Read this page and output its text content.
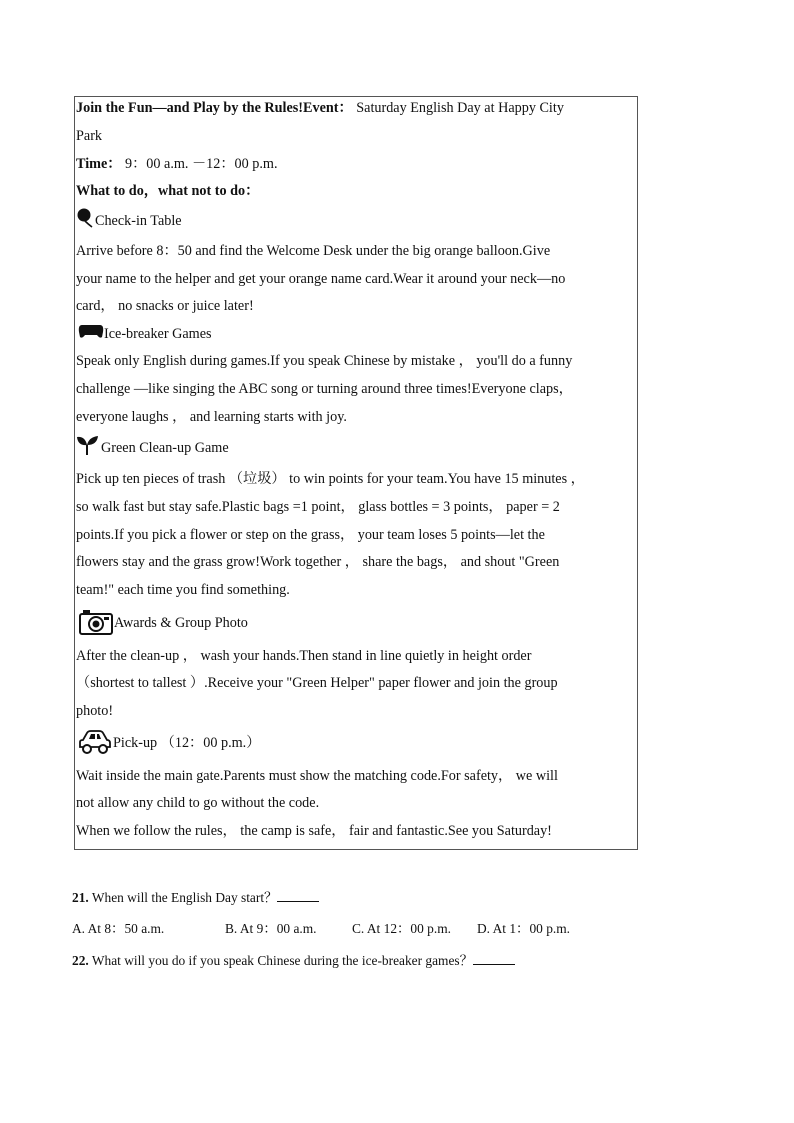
Join the Fun—and Play by the Rules!Event： Saturday English Day at Happy City
Park
Time： 9：00 a.m. －12：00 p.m.
What to do，what not to do：
Check-in Table
Arrive before 8：50 and find the Welcome Desk under the big orange balloon.Give
your name to the helper and get your orange name card.Wear it around your neck—no
card， no snacks or juice later!
Ice-breaker Games
Speak only English during games.If you speak Chinese by mistake ， you'll do a funny
challenge —like singing the ABC song or turning around three times!Everyone claps，
everyone laughs ， and learning starts with joy.
Green Clean-up Game
Pick up ten pieces of trash （垃圾） to win points for your team.You have 15 minutes ，
so walk fast but stay safe.Plastic bags =1 point， glass bottles = 3 points， paper = 2
points.If you pick a flower or step on the grass， your team loses 5 points—let the
flowers stay and the grass grow!Work together ， share the bags， and shout "Green
team!" each time you find something.
Awards & Group Photo
After the clean-up ， wash your hands.Then stand in line quietly in height order
（shortest to tallest ）.Receive your "Green Helper" paper flower and join the group
photo!
Pick-up （12：00 p.m.）
Wait inside the main gate.Parents must show the matching code.For safety， we will
not allow any child to go without the code.
When we follow the rules， the camp is safe， fair and fantastic.See you Saturday!
21. When will the English Day start？
A. At 8：50 a.m.	B. At 9：00 a.m.	C. At 12：00 p.m. D. At 1：00 p.m.
22. What will you do if you speak Chinese during the ice-breaker games？
